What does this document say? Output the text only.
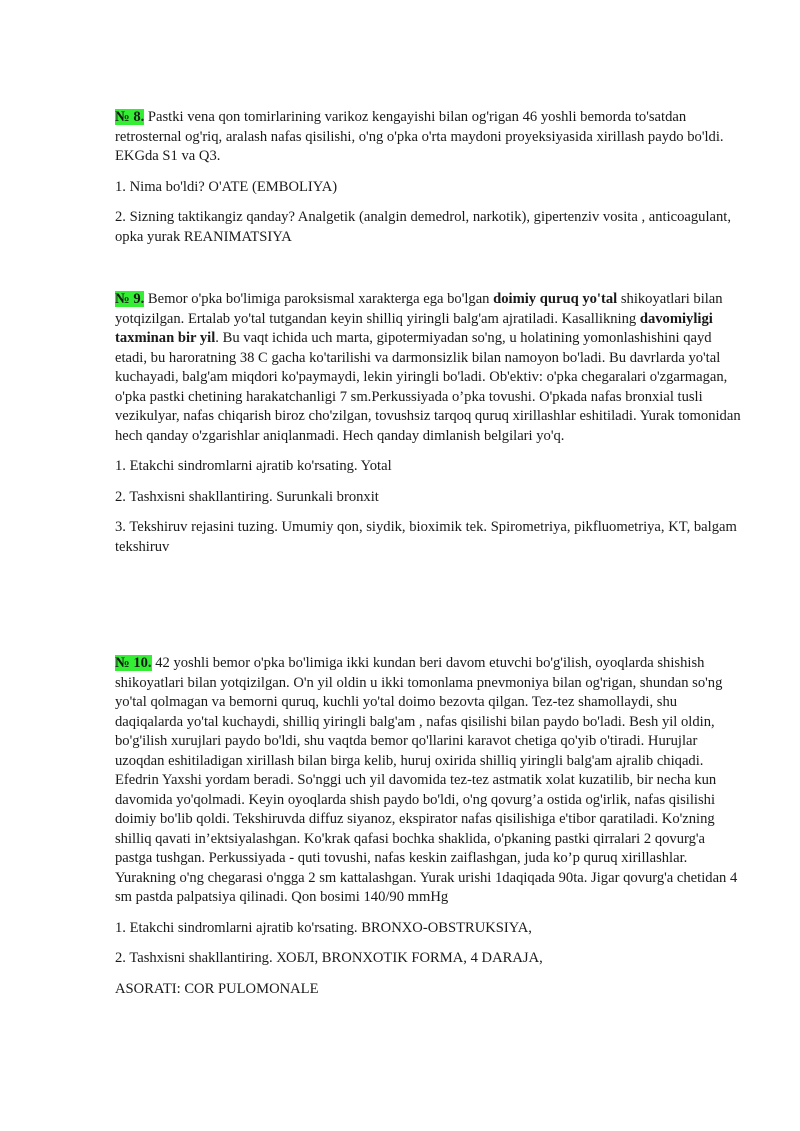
№ 8. Pastki vena qon tomirlarining varikoz kengayishi bilan og'rigan 46 yoshli bemorda to'satdan retrosternal og'riq, aralash nafas qisilishi, o'ng o'pka o'rta maydoni proyeksiyasida xirillash paydo bo'ldi. EKGda S1 va Q3.

1. Nima bo'ldi? O'ATE (EMBOLIYA)

2. Sizning taktikangiz qanday? Analgetik (analgin demedrol, narkotik), gipertenziv vosita , anticoagulant, opka yurak REANIMATSIYA

№ 9. Bemor o'pka bo'limiga paroksismal xarakterga ega bo'lgan doimiy quruq yo'tal shikoyatlari bilan yotqizilgan. Ertalab yo'tal tutgandan keyin shilliq yiringli balg'am ajratiladi. Kasallikning davomiyligi taxminan bir yil. Bu vaqt ichida uch marta, gipotermiyadan so'ng, u holatining yomonlashishini qayd etadi, bu haroratning 38 C gacha ko'tarilishi va darmonsizlik bilan namoyon bo'ladi. Bu davrlarda yo'tal kuchayadi, balg'am miqdori ko'paymaydi, lekin yiringli bo'ladi. Ob'ektiv: o'pka chegaralari o'zgarmagan, o'pka pastki chetining harakatchanligi 7 sm.Perkussiyada o’pka tovushi. O'pkada nafas bronxial tusli vezikulyar, nafas chiqarish biroz cho'zilgan, tovushsiz tarqoq quruq xirillashlar eshitiladi. Yurak tomonidan hech qanday o'zgarishlar aniqlanmadi. Hech qanday dimlanish belgilari yo'q.

1. Etakchi sindromlarni ajratib ko'rsating. Yotal

2. Tashxisni shakllantiring. Surunkali bronxit

3. Tekshiruv rejasini tuzing. Umumiy qon, siydik, bioximik tek. Spirometriya, pikfluometriya, KT, balgam tekshiruv

№ 10. 42 yoshli bemor o'pka bo'limiga ikki kundan beri davom etuvchi bo'g'ilish, oyoqlarda shishish shikoyatlari bilan yotqizilgan. O'n yil oldin u ikki tomonlama pnevmoniya bilan og'rigan, shundan so'ng yo'tal qolmagan va bemorni quruq, kuchli yo'tal doimo bezovta qilgan. Tez-tez shamollaydi, shu daqiqalarda yo'tal kuchaydi, shilliq yiringli balg'am , nafas qisilishi bilan paydo bo'ladi. Besh yil oldin, bo'g'ilish xurujlari paydo bo'ldi, shu vaqtda bemor qo'llarini karavot chetiga qo'yib o'tiradi. Hurujlar uzoqdan eshitiladigan xirillash bilan birga kelib, huruj oxirida shilliq yiringli balg'am ajralib chiqadi. Efedrin Yaxshi yordam beradi. So'nggi uch yil davomida tez-tez astmatik xolat kuzatilib, bir necha kun davomida yo'qolmadi. Keyin oyoqlarda shish paydo bo'ldi, o'ng qovurg’a ostida og'irlik, nafas qisilishi doimiy bo'lib qoldi. Tekshiruvda diffuz siyanoz, ekspirator nafas qisilishiga e'tibor qaratiladi. Ko'zning shilliq qavati in’ektsiyalashgan. Ko'krak qafasi bochka shaklida, o'pkaning pastki qirralari 2 qovurg'a pastga tushgan. Perkussiyada - quti tovushi, nafas keskin zaiflashgan, juda ko’p quruq xirillashlar. Yurakning o'ng chegarasi o'ngga 2 sm kattalashgan. Yurak urishi 1daqiqada 90ta. Jigar qovurg'a chetidan 4 sm pastda palpatsiya qilinadi. Qon bosimi 140/90 mmHg

1. Etakchi sindromlarni ajratib ko'rsating. BRONXO-OBSTRUKSIYA,

2. Tashxisni shakllantiring. ХОБЛ, BRONXOTIK FORMA, 4 DARAJA,

ASORATI: COR PULOMONALE
